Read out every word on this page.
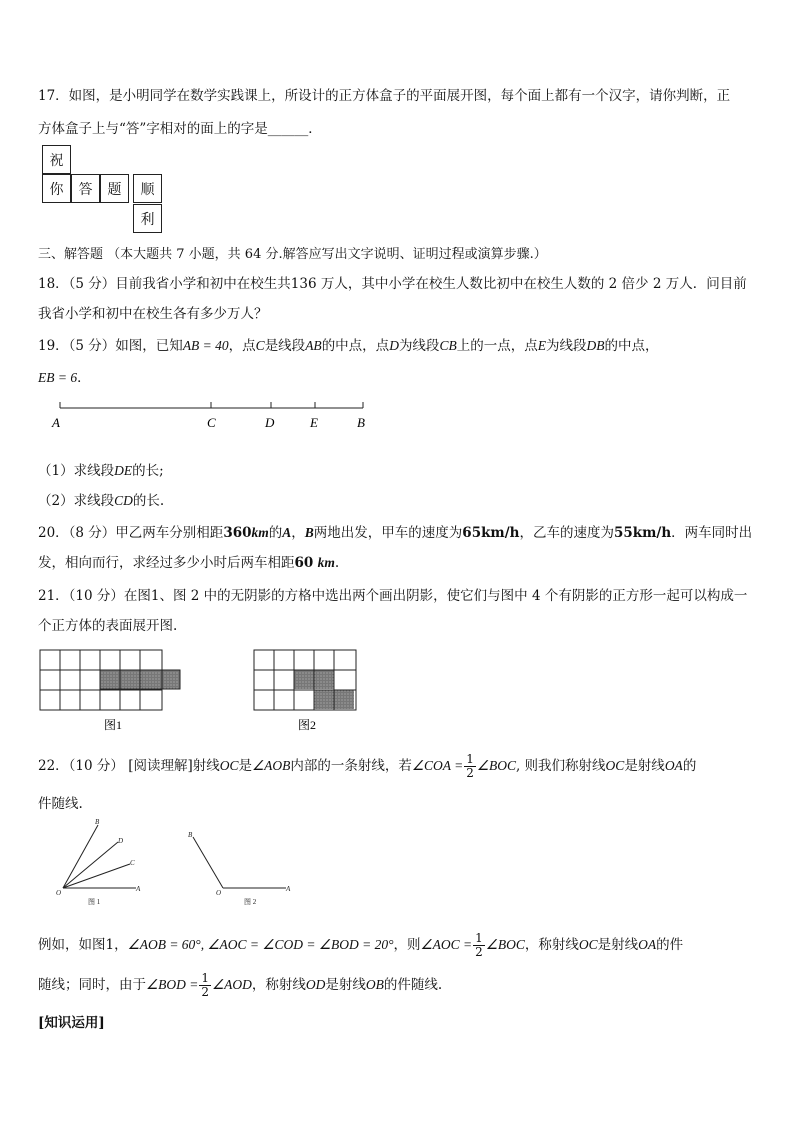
17．如图，是小明同学在数学实践课上，所设计的正方体盒子的平面展开图，每个面上都有一个汉字，请你判断，正
方体盒子上与“答”字相对的面上的字是______．
祝
你	答	题	顺
利
三、解答题 （本大题共 7 小题，共 64 分.解答应写出文字说明、证明过程或演算步骤.）
18．（5 分）目前我省小学和初中在校生共136 万人，其中小学在校生人数比初中在校生人数的 2 倍少 2 万人．问目前
我省小学和初中在校生各有多少万人？
19．（5 分）如图，已知AB = 40，点C是线段AB的中点，点D为线段CB上的一点，点E为线段DB的中点，
EB = 6．
A	C	D	E	B
（1）求线段DE的长;
（2）求线段CD的长.
20．（8 分）甲乙两车分别相距360km的A，B两地出发，甲车的速度为65km/h，乙车的速度为55km/h．两车同时出
发，相向而行，求经过多少小时后两车相距60 km.
21．（10 分）在图1、图 2 中的无阴影的方格中选出两个画出阴影，使它们与图中 4 个有阴影的正方形一起可以构成一
个正方体的表面展开图.
图1	图2
22．（10 分） [阅读理解]射线OC是∠AOB内部的一条射线，若∠COA = $\frac{1}{2}$ ∠BOC, 则我们称射线OC是射线OA的
件随线.
B
D
C
O	A
图 1
B
O	A
图 2
例如，如图1，∠AOB = 60°, ∠AOC = ∠COD = ∠BOD = 20°，则∠AOC = $\frac{1}{2}$ ∠BOC，称射线OC是射线OA的件
随线；同时，由于∠BOD = $\frac{1}{2}$ ∠AOD，称射线OD是射线OB的件随线.
[知识运用]
